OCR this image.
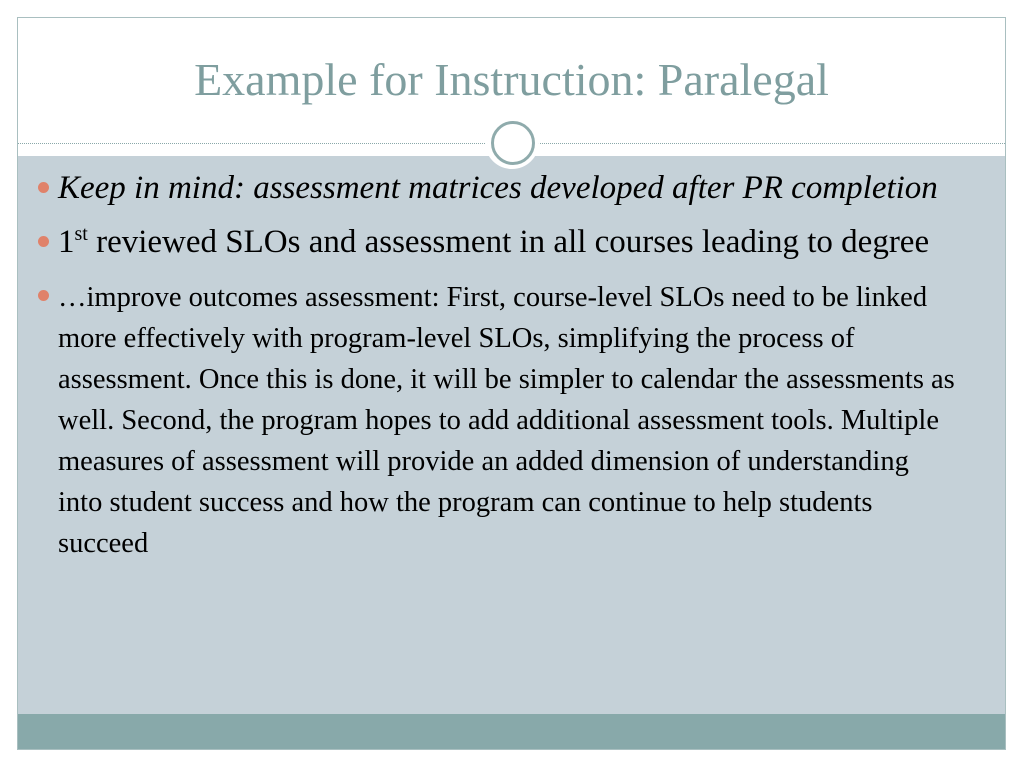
Example for Instruction: Paralegal
Keep in mind: assessment matrices developed after PR completion
1st reviewed SLOs and assessment in all courses leading to degree
…improve outcomes assessment: First, course-level SLOs need to be linked more effectively with program-level SLOs, simplifying the process of assessment. Once this is done, it will be simpler to calendar the assessments as well. Second, the program hopes to add additional assessment tools. Multiple measures of assessment will provide an added dimension of understanding into student success and how the program can continue to help students succeed
